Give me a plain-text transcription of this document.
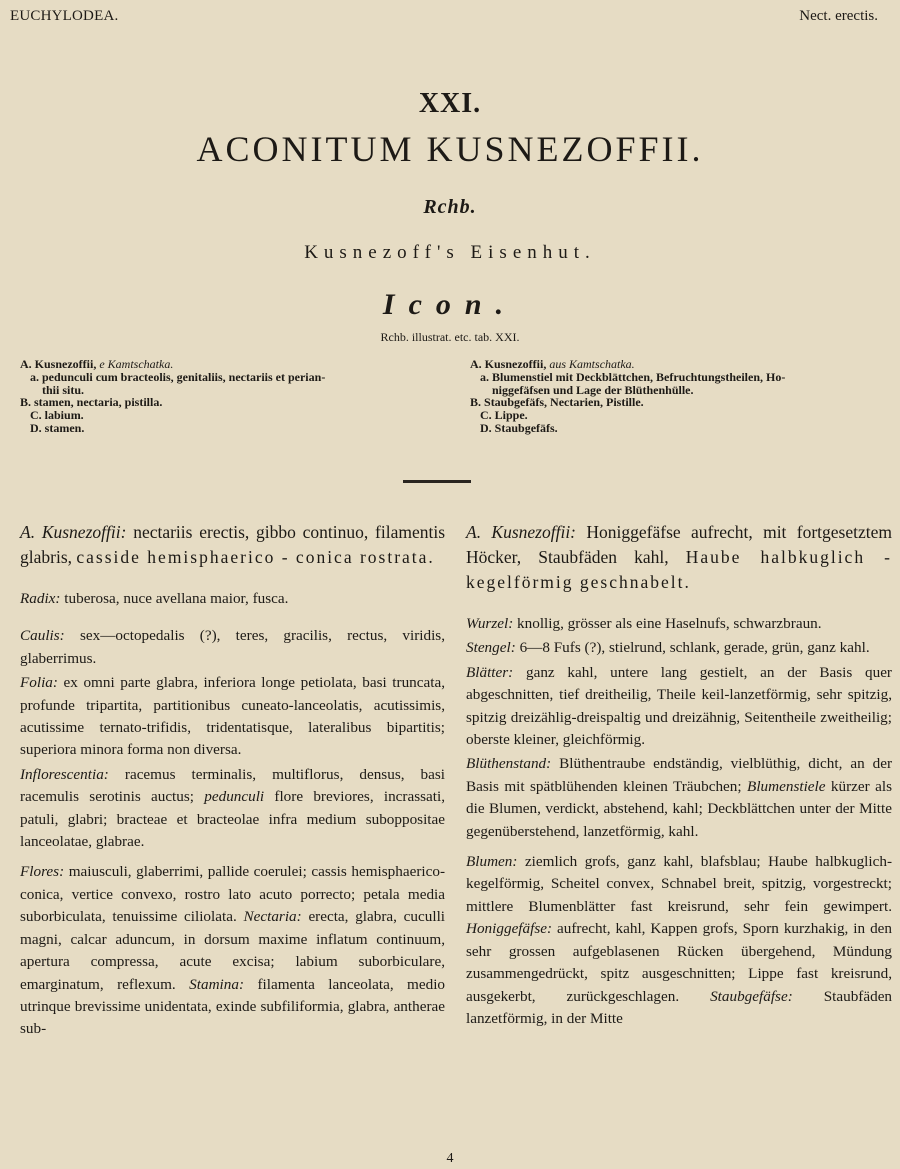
EUCHYLODEA.	Nect. erectis.
XXI.
ACONITUM KUSNEZOFFII.
Rchb.
Kusnezoff's Eisenhut.
Icon.
Rchb. illustrat. etc. tab. XXI.
A. Kusnezoffii, e Kamtschatka.
a. pedunculi cum bracteolis, genitaliis, nectariis et perian-
thii situ.
B. stamen, nectaria, pistilla.
C. labium.
D. stamen.
A. Kusnezoffii, aus Kamtschatka.
a. Blumenstiel mit Deckblättchen, Befruchtungstheilen, Ho-
niggefäfsen und Lage der Blüthenhülle.
B. Staubgefäfs, Nectarien, Pistille.
C. Lippe.
D. Staubgefäfs.

A. Kusnezoffii: nectariis erectis, gibbo continuo, filamentis glabris, casside hemisphaerico - conica rostrata.

Radix: tuberosa, nuce avellana maior, fusca.

Caulis: sex—octopedalis (?), teres, gracilis, rectus, viridis, glaberrimus.

Folia: ex omni parte glabra, inferiora longe petiolata, basi truncata, profunde tripartita, partitionibus cuneato-lanceolatis, acutissimis, acutissime ternato-trifidis, tridentatisque, lateralibus bipartitis; superiora minora forma non diversa.

Inflorescentia: racemus terminalis, multiflorus, densus, basi racemulis serotinis auctus; pedunculi flore breviores, incrassati, patuli, glabri; bracteae et bracteolae infra medium suboppositae lanceolatae, glabrae.

Flores: maiusculi, glaberrimi, pallide coerulei; cassis hemisphaerico-conica, vertice convexo, rostro lato acuto porrecto; petala media suborbiculata, tenuissime ciliolata. Nectaria: erecta, glabra, cuculli magni, calcar aduncum, in dorsum maxime inflatum continuum, apertura compressa, acute excisa; labium suborbiculare, emarginatum, reflexum. Stamina: filamenta lanceolata, medio utrinque brevissime unidentata, exinde subfiliformia, glabra, antherae sub-

A. Kusnezoffii: Honiggefäfse aufrecht, mit fortgesetztem Höcker, Staubfäden kahl, Haube halbkuglich - kegelförmig geschnabelt.

Wurzel: knollig, grösser als eine Haselnufs, schwarzbraun.

Stengel: 6—8 Fufs (?), stielrund, schlank, gerade, grün, ganz kahl.

Blätter: ganz kahl, untere lang gestielt, an der Basis quer abgeschnitten, tief dreitheilig, Theile keil-lanzetförmig, sehr spitzig, spitzig dreizählig-dreispaltig und dreizähnig, Seitentheile zweitheilig; oberste kleiner, gleichförmig.

Blüthenstand: Blüthentraube endständig, vielblüthig, dicht, an der Basis mit spätblühenden kleinen Träubchen; Blumenstiele kürzer als die Blumen, verdickt, abstehend, kahl; Deckblättchen unter der Mitte gegenüberstehend, lanzetförmig, kahl.

Blumen: ziemlich grofs, ganz kahl, blafsblau; Haube halbkuglich-kegelförmig, Scheitel convex, Schnabel breit, spitzig, vorgestreckt; mittlere Blumenblätter fast kreisrund, sehr fein gewimpert. Honiggefäfse: aufrecht, kahl, Kappen grofs, Sporn kurzhakig, in den sehr grossen aufgeblasenen Rücken übergehend, Mündung zusammengedrückt, spitz ausgeschnitten; Lippe fast kreisrund, ausgekerbt, zurückgeschlagen. Staubgefäfse: Staubfäden lanzetförmig, in der Mitte

4
